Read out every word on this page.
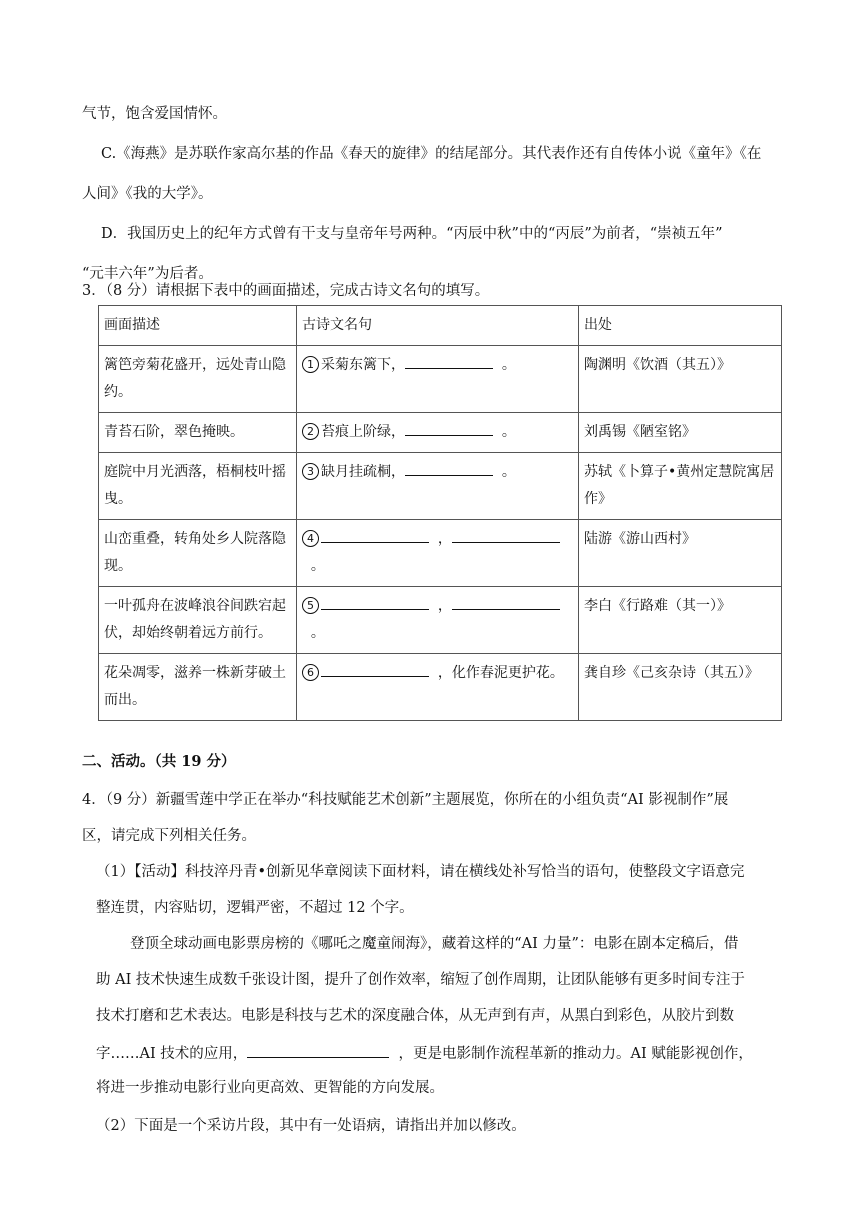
气节，饱含爱国情怀。
C.《海燕》是苏联作家高尔基的作品《春天的旋律》的结尾部分。其代表作还有自传体小说《童年》《在
人间》《我的大学》。
D．我国历史上的纪年方式曾有干支与皇帝年号两种。“丙辰中秋”中的“丙辰”为前者，“崇祯五年”
“元丰六年”为后者。
3．（8 分）请根据下表中的画面描述，完成古诗文名句的填写。
画面描述	古诗文名句	出处
篱笆旁菊花盛开，远处青山隐约。	1 采菊东篱下， 。	陶渊明《饮酒（其五）》
青苔石阶，翠色掩映。	2 苔痕上阶绿， 。	刘禹锡《陋室铭》
庭院中月光洒落，梧桐枝叶摇曳。	3 缺月挂疏桐， 。	苏轼《卜算子•黄州定慧院寓居作》
山峦重叠，转角处乡人院落隐现。	4 ，  。	陆游《游山西村》
一叶孤舟在波峰浪谷间跌宕起伏，却始终朝着远方前行。	5 ，  。	李白《行路难（其一）》
花朵凋零，滋养一株新芽破土而出。	6 ，化作春泥更护花。	龚自珍《己亥杂诗（其五）》
二、活动。（共 19 分）
4．（9 分）新疆雪莲中学正在举办“科技赋能艺术创新”主题展览，你所在的小组负责“AI 影视制作”展
区，请完成下列相关任务。
（1）【活动】科技淬丹青•创新见华章阅读下面材料，请在横线处补写恰当的语句，使整段文字语意完
整连贯，内容贴切，逻辑严密，不超过 12 个字。
登顶全球动画电影票房榜的《哪吒之魔童闹海》，藏着这样的“AI 力量”：电影在剧本定稿后，借
助 AI 技术快速生成数千张设计图，提升了创作效率，缩短了创作周期，让团队能够有更多时间专注于
技术打磨和艺术表达。电影是科技与艺术的深度融合体，从无声到有声，从黑白到彩色，从胶片到数
字……AI 技术的应用，	，更是电影制作流程革新的推动力。AI 赋能影视创作，
将进一步推动电影行业向更高效、更智能的方向发展。
（2）下面是一个采访片段，其中有一处语病，请指出并加以修改。
